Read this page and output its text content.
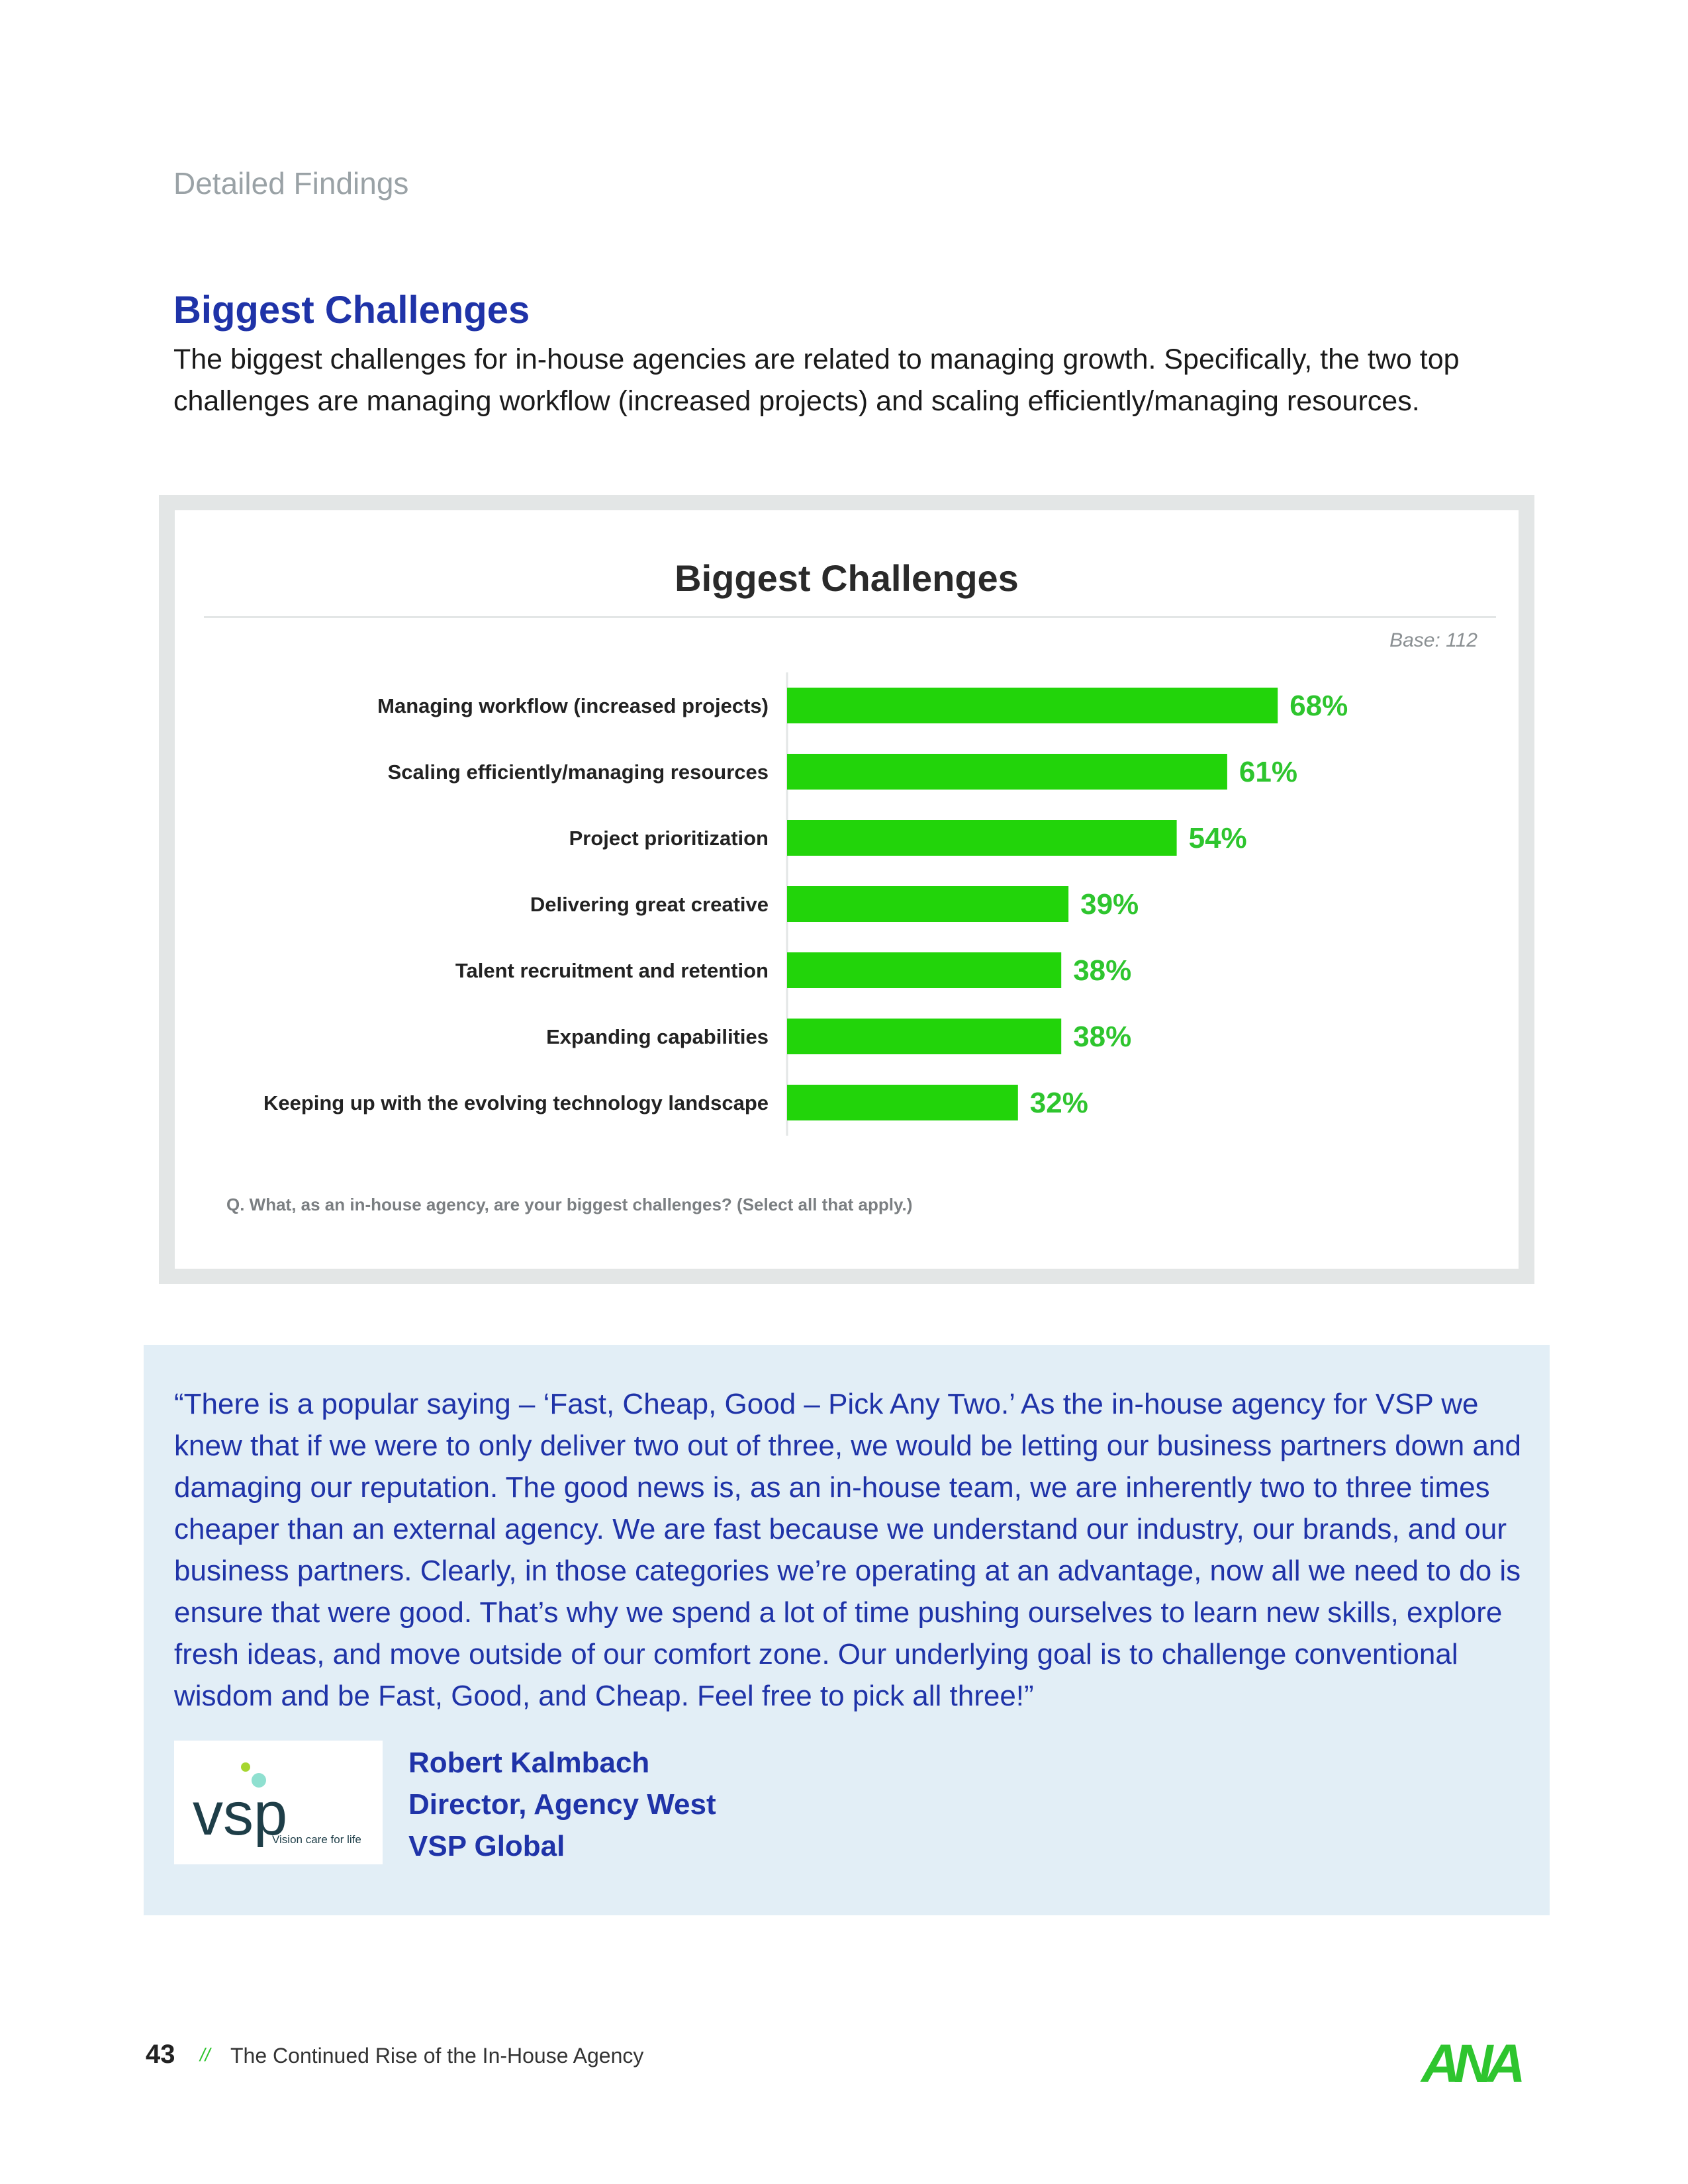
Detailed Findings
Biggest Challenges
The biggest challenges for in-house agencies are related to managing growth. Specifically, the two top challenges are managing workflow (increased projects) and scaling efficiently/managing resources.
Biggest Challenges
Base: 112
Managing workflow (increased projects)	68%
Scaling efficiently/managing resources	61%
Project prioritization	54%
Delivering great creative	39%
Talent recruitment and retention	38%
Expanding capabilities	38%
Keeping up with the evolving technology landscape	32%
Q. What, as an in-house agency, are your biggest challenges? (Select all that apply.)
“There is a popular saying – ‘Fast, Cheap, Good – Pick Any Two.’ As the in-house agency for VSP we knew that if we were to only deliver two out of three, we would be letting our business partners down and damaging our reputation. The good news is, as an in-house team, we are inherently two to three times cheaper than an external agency. We are fast because we understand our industry, our brands, and our business partners. Clearly, in those categories we’re operating at an advantage, now all we need to do is ensure that were good. That’s why we spend a lot of time pushing ourselves to learn new skills, explore fresh ideas, and move outside of our comfort zone. Our underlying goal is to challenge conventional wisdom and be Fast, Good, and Cheap. Feel free to pick all three!”
vsp
Vision care for life
Robert Kalmbach
Director, Agency West
VSP Global
43 // The Continued Rise of the In-House Agency	ANA
